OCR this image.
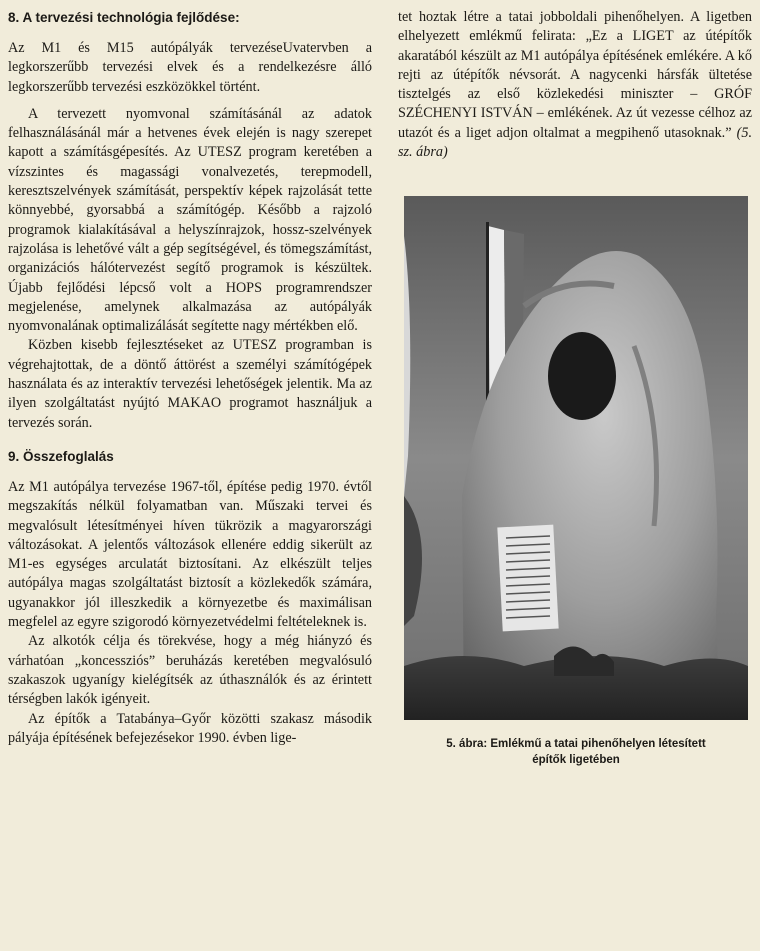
8. A tervezési technológia fejlődése:

Az M1 és M15 autópályák tervezéseUvatervben a legkorszerűbb tervezési elvek és a rendelkezésre álló legkorszerűbb tervezési eszközökkel történt.

A tervezett nyomvonal számításánál az adatok felhasználásánál már a hetvenes évek elején is nagy szerepet kapott a számításgépesítés. Az UTESZ program keretében a vízszintes és magassági vonalvezetés, terepmodell, keresztszelvények számítását, perspektív képek rajzolását tette könnyebbé, gyorsabbá a számítógép. Később a rajzoló programok kialakításával a helyszínrajzok, hossz-szelvények rajzolása is lehetővé vált a gép segítségével, és tömegszámítást, organizációs hálótervezést segítő programok is készültek. Újabb fejlődési lépcső volt a HOPS programrendszer megjelenése, amelynek alkalmazása az autópályák nyomvonalának optimalizálását segítette nagy mértékben elő.

Közben kisebb fejlesztéseket az UTESZ programban is végrehajtottak, de a döntő áttörést a személyi számítógépek használata és az interaktív tervezési lehetőségek jelentik. Ma az ilyen szolgáltatást nyújtó MAKAO programot használjuk a tervezés során.

9. Összefoglalás

Az M1 autópálya tervezése 1967-től, építése pedig 1970. évtől megszakítás nélkül folyamatban van. Műszaki tervei és megvalósult létesítményei híven tükrözik a magyarországi változásokat. A jelentős változások ellenére eddig sikerült az M1-es egységes arculatát biztosítani. Az elkészült teljes autópálya magas szolgáltatást biztosít a közlekedők számára, ugyanakkor jól illeszkedik a környezetbe és maximálisan megfelel az egyre szigorodó környezetvédelmi feltételeknek is.

Az alkotók célja és törekvése, hogy a még hiányzó és várhatóan „koncessziós” beruházás keretében megvalósuló szakaszok ugyanígy kielégítsék az úthasználók és az érintett térségben lakók igényeit.

Az építők a Tatabánya–Győr közötti szakasz második pályája építésének befejezésekor 1990. évben lige-

tet hoztak létre a tatai jobboldali pihenőhelyen. A ligetben elhelyezett emlékmű felirata: „Ez a LIGET az útépítők akaratából készült az M1 autópálya építésének emlékére. A kő rejti az útépítők névsorát. A nagycenki hársfák ültetése tisztelgés az első közlekedési miniszter – GRÓF SZÉCHENYI ISTVÁN – emlékének. Az út vezesse célhoz az utazót és a liget adjon oltalmat a megpihenő utasoknak.” (5. sz. ábra)

5. ábra: Emlékmű a tatai pihenőhelyen létesített
építők ligetében
